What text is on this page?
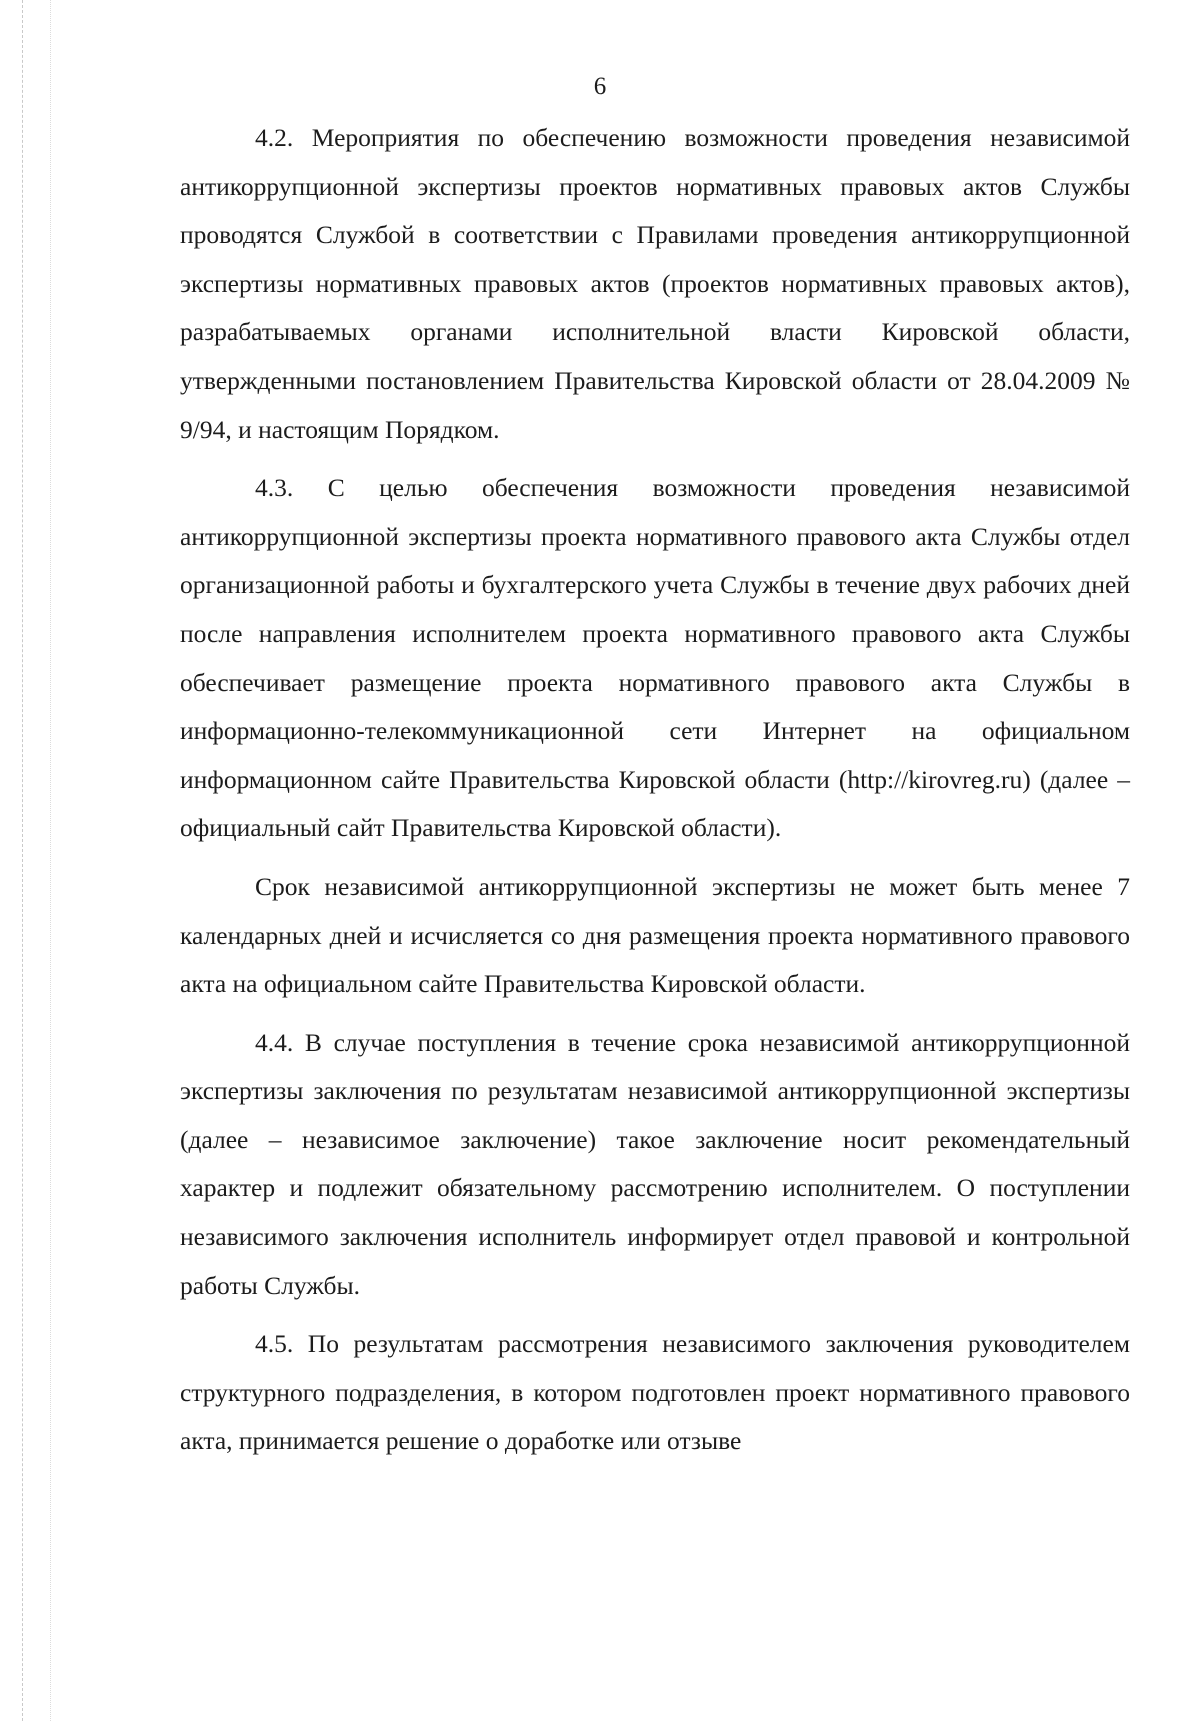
6

4.2. Мероприятия по обеспечению возможности проведения независимой антикоррупционной экспертизы проектов нормативных правовых актов Службы проводятся Службой в соответствии с Правилами проведения антикоррупционной экспертизы нормативных правовых актов (проектов нормативных правовых актов), разрабатываемых органами исполнительной власти Кировской области, утвержденными постановлением Правительства Кировской области от 28.04.2009 № 9/94, и настоящим Порядком.

4.3. С целью обеспечения возможности проведения независимой антикоррупционной экспертизы проекта нормативного правового акта Службы отдел организационной работы и бухгалтерского учета Службы в течение двух рабочих дней после направления исполнителем проекта нормативного правового акта Службы обеспечивает размещение проекта нормативного правового акта Службы в информационно-телекоммуникационной сети Интернет на официальном информационном сайте Правительства Кировской области (http://kirovreg.ru) (далее – официальный сайт Правительства Кировской области).

Срок независимой антикоррупционной экспертизы не может быть менее 7 календарных дней и исчисляется со дня размещения проекта нормативного правового акта на официальном сайте Правительства Кировской области.

4.4. В случае поступления в течение срока независимой антикоррупционной экспертизы заключения по результатам независимой антикоррупционной экспертизы (далее – независимое заключение) такое заключение носит рекомендательный характер и подлежит обязательному рассмотрению исполнителем. О поступлении независимого заключения исполнитель информирует отдел правовой и контрольной работы Службы.

4.5. По результатам рассмотрения независимого заключения руководителем структурного подразделения, в котором подготовлен проект нормативного правового акта, принимается решение о доработке или отзыве
